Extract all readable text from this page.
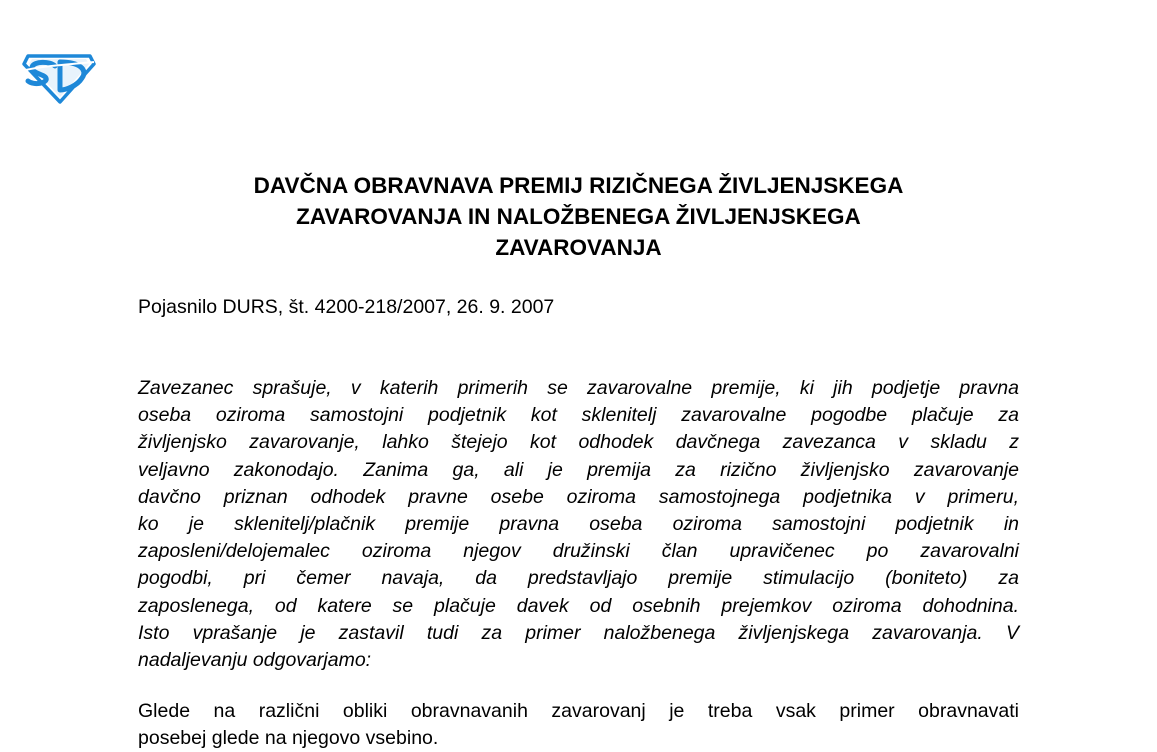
DAVČNA OBRAVNAVA PREMIJ RIZIČNEGA ŽIVLJENJSKEGA
ZAVAROVANJA IN NALOŽBENEGA ŽIVLJENJSKEGA
ZAVAROVANJA

Pojasnilo DURS, št. 4200-218/2007, 26. 9. 2007

Zavezanec sprašuje, v katerih primerih se zavarovalne premije, ki jih podjetje pravna
oseba oziroma samostojni podjetnik kot sklenitelj zavarovalne pogodbe plačuje za
življenjsko zavarovanje, lahko štejejo kot odhodek davčnega zavezanca v skladu z
veljavno zakonodajo. Zanima ga, ali je premija za rizično življenjsko zavarovanje
davčno priznan odhodek pravne osebe oziroma samostojnega podjetnika v primeru,
ko je sklenitelj/plačnik premije pravna oseba oziroma samostojni podjetnik in
zaposleni/delojemalec oziroma njegov družinski član upravičenec po zavarovalni
pogodbi, pri čemer navaja, da predstavljajo premije stimulacijo (boniteto) za
zaposlenega, od katere se plačuje davek od osebnih prejemkov oziroma dohodnina.
Isto vprašanje je zastavil tudi za primer naložbenega življenjskega zavarovanja. V
nadaljevanju odgovarjamo:

Glede na različni obliki obravnavanih zavarovanj je treba vsak primer obravnavati
posebej glede na njegovo vsebino.
